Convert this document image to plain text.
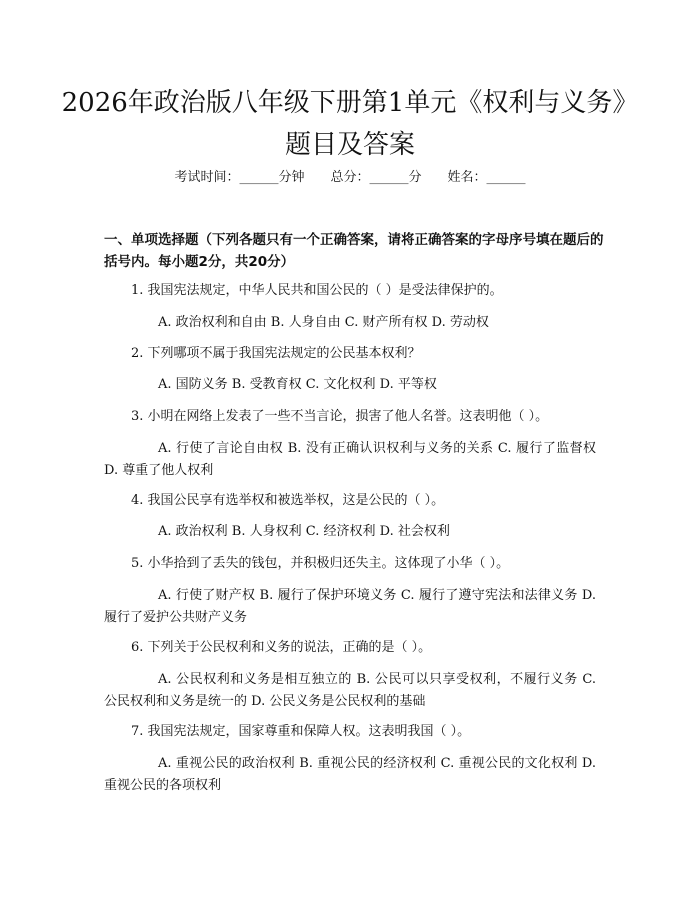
2026年政治版八年级下册第1单元《权利与义务》题目及答案
考试时间：______分钟 总分：______分 姓名：______
一、单项选择题（下列各题只有一个正确答案，请将正确答案的字母序号填在题后的括号内。每小题2分，共20分）
1. 我国宪法规定，中华人民共和国公民的（ ）是受法律保护的。
A. 政治权利和自由 B. 人身自由 C. 财产所有权 D. 劳动权
2. 下列哪项不属于我国宪法规定的公民基本权利？
A. 国防义务 B. 受教育权 C. 文化权利 D. 平等权
3. 小明在网络上发表了一些不当言论，损害了他人名誉。这表明他（ ）。
A. 行使了言论自由权 B. 没有正确认识权利与义务的关系 C. 履行了监督权 D. 尊重了他人权利
4. 我国公民享有选举权和被选举权，这是公民的（ ）。
A. 政治权利 B. 人身权利 C. 经济权利 D. 社会权利
5. 小华拾到了丢失的钱包，并积极归还失主。这体现了小华（ ）。
A. 行使了财产权 B. 履行了保护环境义务 C. 履行了遵守宪法和法律义务 D. 履行了爱护公共财产义务
6. 下列关于公民权利和义务的说法，正确的是（ ）。
A. 公民权利和义务是相互独立的 B. 公民可以只享受权利，不履行义务 C. 公民权利和义务是统一的 D. 公民义务是公民权利的基础
7. 我国宪法规定，国家尊重和保障人权。这表明我国（ ）。
A. 重视公民的政治权利 B. 重视公民的经济权利 C. 重视公民的文化权利 D. 重视公民的各项权利
